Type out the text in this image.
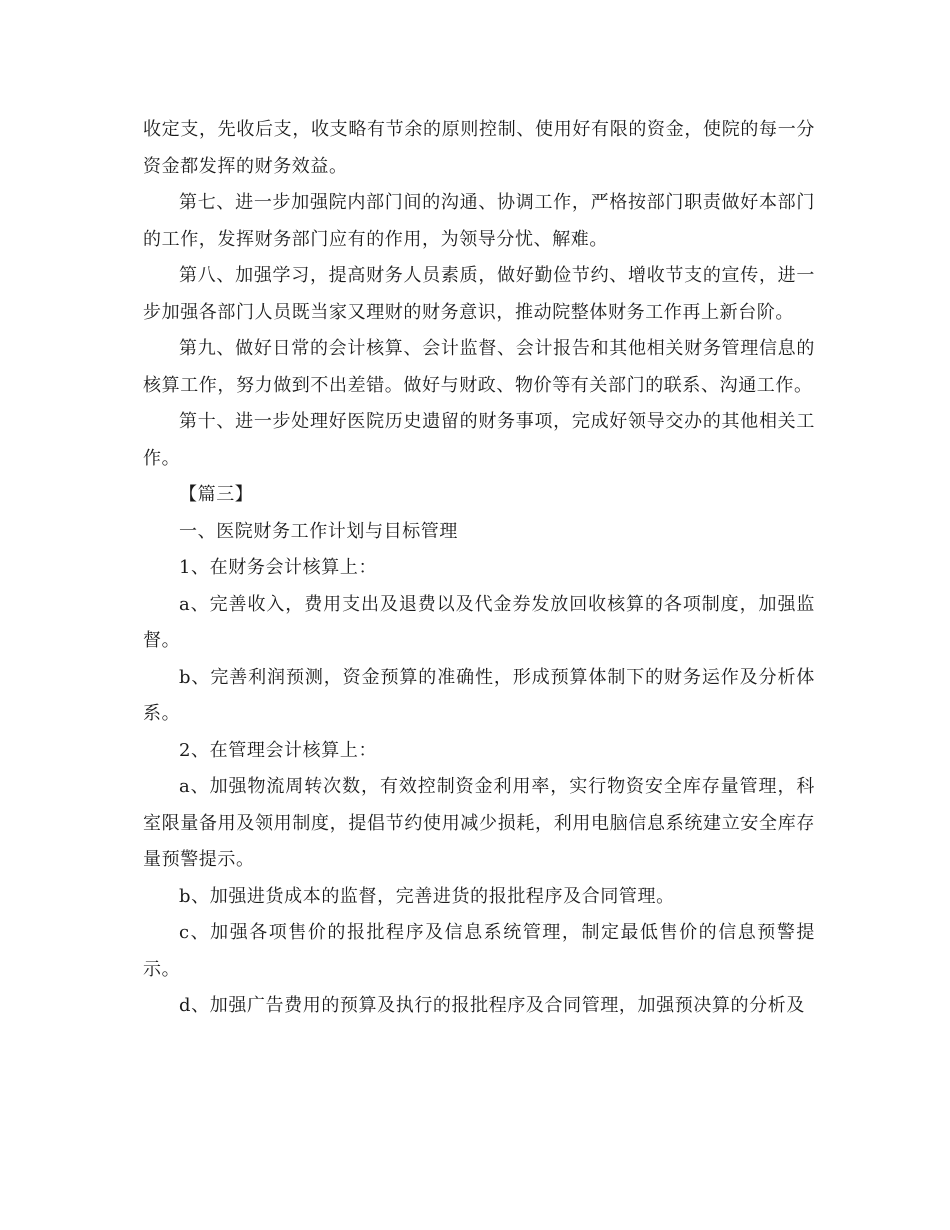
收定支，先收后支，收支略有节余的原则控制、使用好有限的资金，使院的每一分资金都发挥的财务效益。

第七、进一步加强院内部门间的沟通、协调工作，严格按部门职责做好本部门的工作，发挥财务部门应有的作用，为领导分忧、解难。

第八、加强学习，提高财务人员素质，做好勤俭节约、增收节支的宣传，进一步加强各部门人员既当家又理财的财务意识，推动院整体财务工作再上新台阶。

第九、做好日常的会计核算、会计监督、会计报告和其他相关财务管理信息的核算工作，努力做到不出差错。做好与财政、物价等有关部门的联系、沟通工作。

第十、进一步处理好医院历史遗留的财务事项，完成好领导交办的其他相关工作。

【篇三】

一、医院财务工作计划与目标管理

1、在财务会计核算上：

a、完善收入，费用支出及退费以及代金券发放回收核算的各项制度，加强监督。

b、完善利润预测，资金预算的准确性，形成预算体制下的财务运作及分析体系。

2、在管理会计核算上：

a、加强物流周转次数，有效控制资金利用率，实行物资安全库存量管理，科室限量备用及领用制度，提倡节约使用减少损耗，利用电脑信息系统建立安全库存量预警提示。

b、加强进货成本的监督，完善进货的报批程序及合同管理。

c、加强各项售价的报批程序及信息系统管理，制定最低售价的信息预警提示。

d、加强广告费用的预算及执行的报批程序及合同管理，加强预决算的分析及
